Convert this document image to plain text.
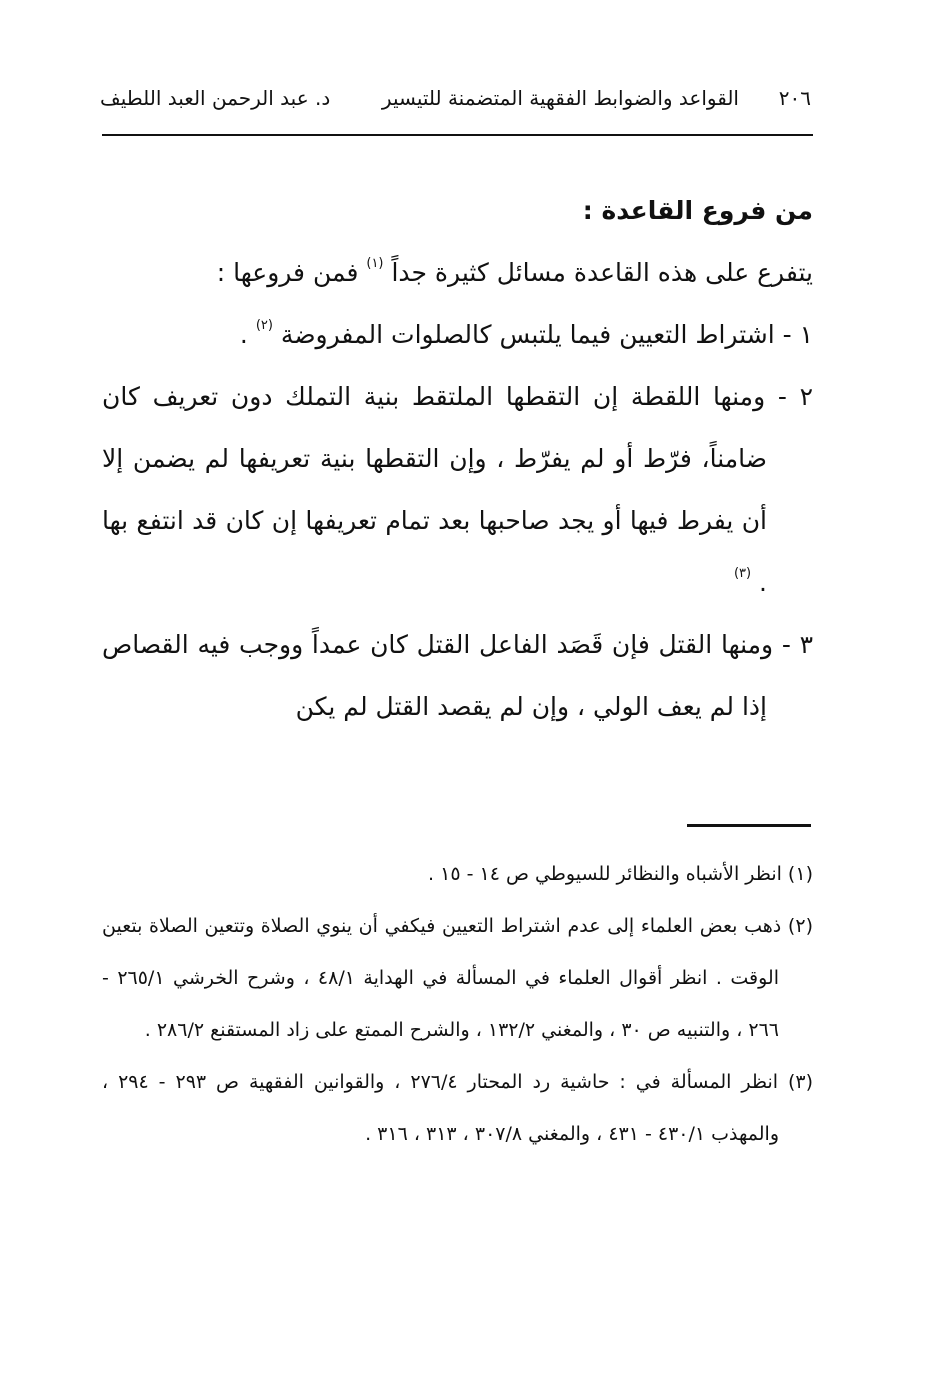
٢٠٦
القواعد والضوابط الفقهية المتضمنة للتيسير
د. عبد الرحمن العبد اللطيف

من فروع القاعدة :

يتفرع على هذه القاعدة مسائل كثيرة جداً $^{(١)}$ فمن فروعها :

١ - اشتراط التعيين فيما يلتبس كالصلوات المفروضة $^{(٢)}$ .

٢ - ومنها اللقطة إن التقطها الملتقط بنية التملك دون تعريف كان ضامناً، فرّط أو لم يفرّط ، وإن التقطها بنية تعريفها لم يضمن إلا أن يفرط فيها أو يجد صاحبها بعد تمام تعريفها إن كان قد انتفع بها . $^{(٣)}$

٣ - ومنها القتل فإن قَصَد الفاعل القتل كان عمداً ووجب فيه القصاص إذا لم يعف الولي ، وإن لم يقصد القتل لم يكن

(١) انظر الأشباه والنظائر للسيوطي ص ١٤ - ١٥ .

(٢) ذهب بعض العلماء إلى عدم اشتراط التعيين فيكفي أن ينوي الصلاة وتتعين الصلاة بتعين الوقت . انظر أقوال العلماء في المسألة في الهداية ٤٨/١ ، وشرح الخرشي ٢٦٥/١ - ٢٦٦ ، والتنبيه ص ٣٠ ، والمغني ١٣٢/٢ ، والشرح الممتع على زاد المستقنع ٢٨٦/٢ .

(٣) انظر المسألة في : حاشية رد المحتار ٢٧٦/٤ ، والقوانين الفقهية ص ٢٩٣ - ٢٩٤ ، والمهذب ٤٣٠/١ - ٤٣١ ، والمغني ٣٠٧/٨ ، ٣١٣ ، ٣١٦ .
